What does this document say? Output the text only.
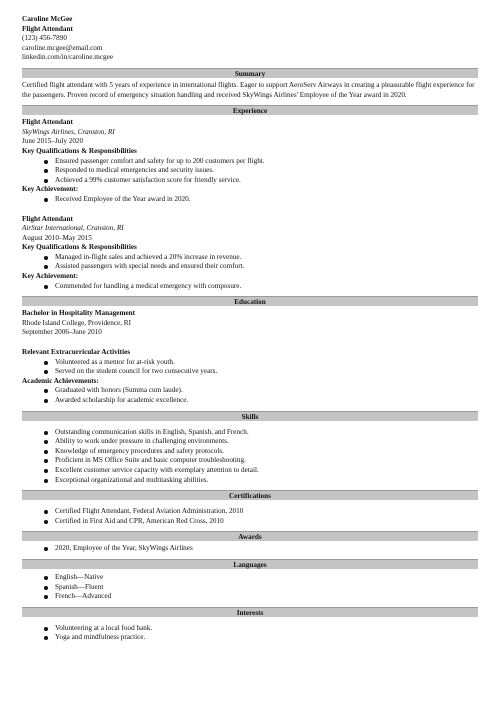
Caroline McGee
Flight Attendant
(123) 456-7890
caroline.mcgee@email.com
linkedin.com/in/caroline.mcgee
Summary
Certified flight attendant with 5 years of experience in international flights. Eager to support AeroServ Airways in creating a pleasurable flight experience for the passengers. Proven record of emergency situation handling and received SkyWings Airlines' Employee of the Year award in 2020.
Experience
Flight Attendant
SkyWings Airlines, Cranston, RI
June 2015–July 2020
Key Qualifications & Responsibilities
Ensured passenger comfort and safety for up to 200 customers per flight.
Responded to medical emergencies and security issues.
Achieved a 99% customer satisfaction score for friendly service.
Key Achievement:
Received Employee of the Year award in 2020.
Flight Attendant
AirStar International, Cranston, RI
August 2010–May 2015
Key Qualifications & Responsibilities
Managed in-flight sales and achieved a 20% increase in revenue.
Assisted passengers with special needs and ensured their comfort.
Key Achievement:
Commended for handling a medical emergency with composure.
Education
Bachelor in Hospitality Management
Rhode Island College, Providence, RI
September 2006–June 2010
Relevant Extracurricular Activities
Volunteered as a mentor for at-risk youth.
Served on the student council for two consecutive years.
Academic Achievements:
Graduated with honors (Summa cum laude).
Awarded scholarship for academic excellence.
Skills
Outstanding communication skills in English, Spanish, and French.
Ability to work under pressure in challenging environments.
Knowledge of emergency procedures and safety protocols.
Proficient in MS Office Suite and basic computer troubleshooting.
Excellent customer service capacity with exemplary attention to detail.
Exceptional organizational and multitasking abilities.
Certifications
Certified Flight Attendant, Federal Aviation Administration, 2010
Certified in First Aid and CPR, American Red Cross, 2010
Awards
2020, Employee of the Year, SkyWings Airlines
Languages
English—Native
Spanish—Fluent
French—Advanced
Interests
Volunteering at a local food bank.
Yoga and mindfulness practice.
